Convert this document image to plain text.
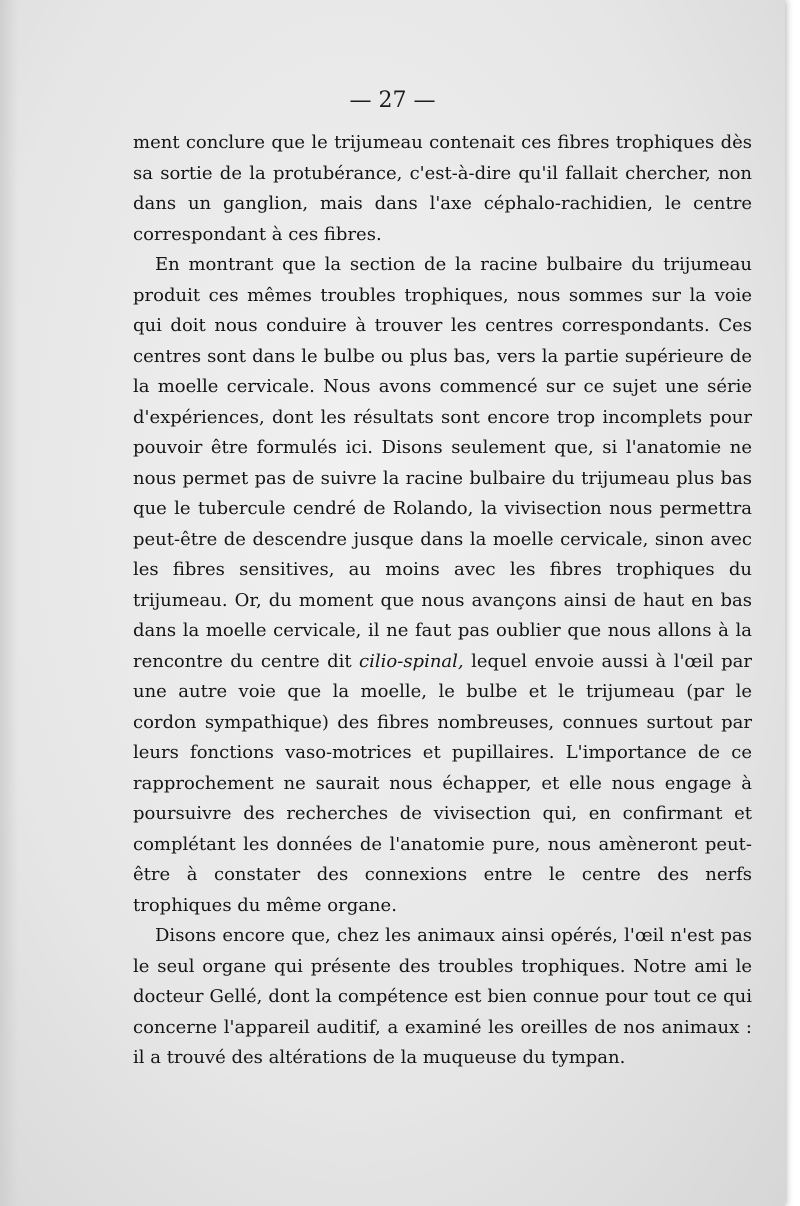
— 27 —

ment conclure que le trijumeau contenait ces fibres trophiques dès sa sortie de la protubérance, c'est-à-dire qu'il fallait chercher, non dans un ganglion, mais dans l'axe céphalo-rachidien, le centre correspondant à ces fibres.

En montrant que la section de la racine bulbaire du trijumeau produit ces mêmes troubles trophiques, nous sommes sur la voie qui doit nous conduire à trouver les centres correspondants. Ces centres sont dans le bulbe ou plus bas, vers la partie supérieure de la moelle cervicale. Nous avons commencé sur ce sujet une série d'expériences, dont les résultats sont encore trop incomplets pour pouvoir être formulés ici. Disons seulement que, si l'anatomie ne nous permet pas de suivre la racine bulbaire du trijumeau plus bas que le tubercule cendré de Rolando, la vivisection nous permettra peut-être de descendre jusque dans la moelle cervicale, sinon avec les fibres sensitives, au moins avec les fibres trophiques du trijumeau. Or, du moment que nous avançons ainsi de haut en bas dans la moelle cervicale, il ne faut pas oublier que nous allons à la rencontre du centre dit cilio-spinal, lequel envoie aussi à l'œil par une autre voie que la moelle, le bulbe et le trijumeau (par le cordon sympathique) des fibres nombreuses, connues surtout par leurs fonctions vaso-motrices et pupillaires. L'importance de ce rapprochement ne saurait nous échapper, et elle nous engage à poursuivre des recherches de vivisection qui, en confirmant et complétant les données de l'anatomie pure, nous amèneront peut-être à constater des connexions entre le centre des nerfs trophiques du même organe.

Disons encore que, chez les animaux ainsi opérés, l'œil n'est pas le seul organe qui présente des troubles trophiques. Notre ami le docteur Gellé, dont la compétence est bien connue pour tout ce qui concerne l'appareil auditif, a examiné les oreilles de nos animaux : il a trouvé des altérations de la muqueuse du tympan.
